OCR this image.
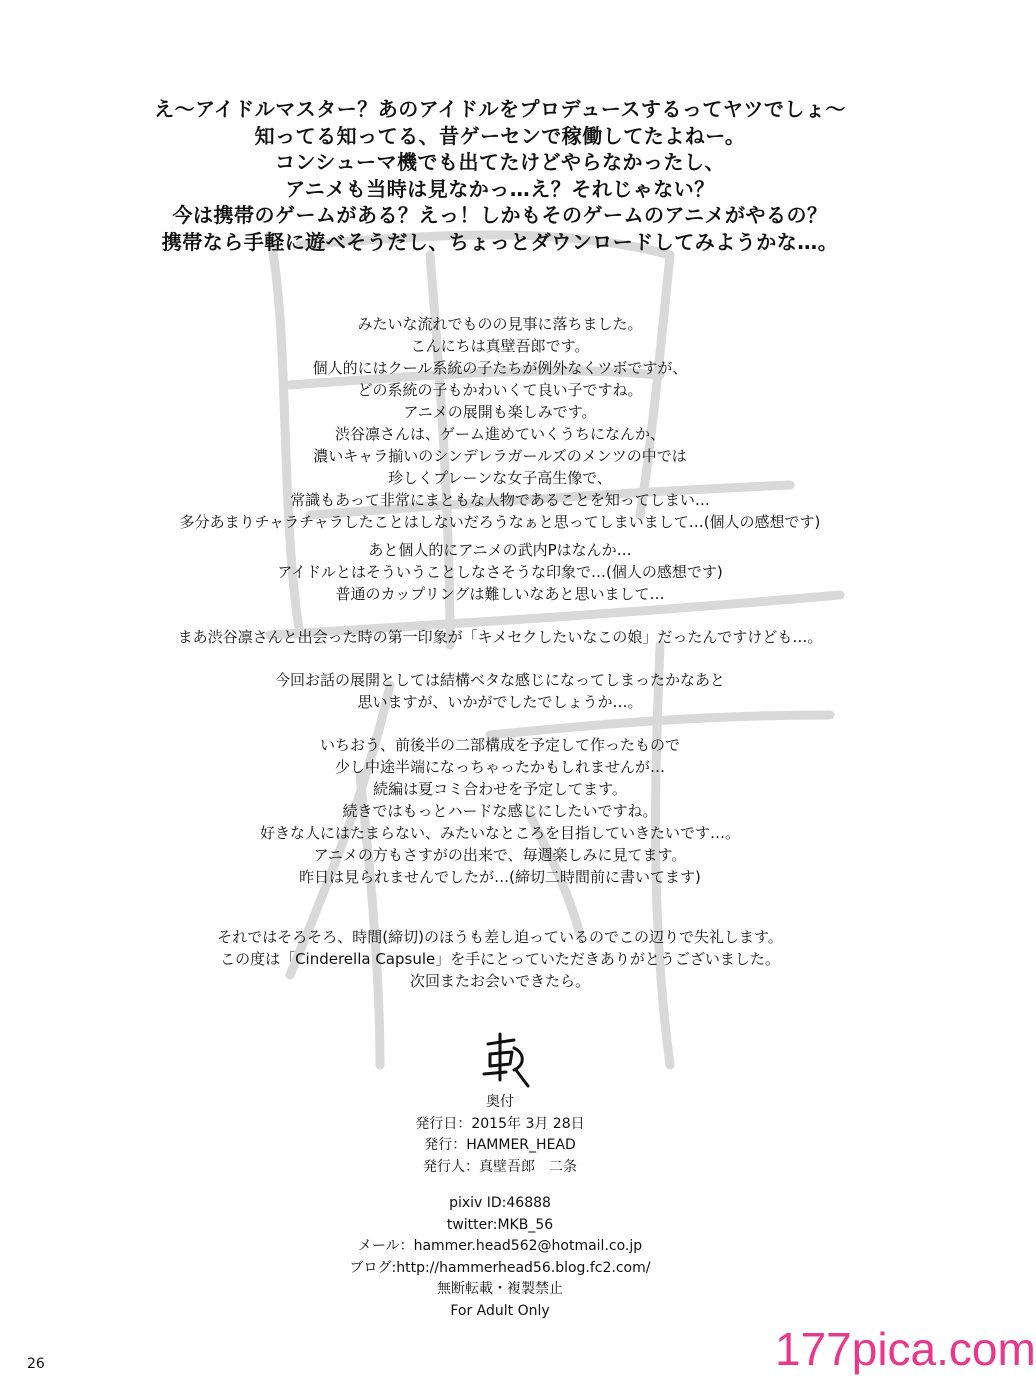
え～アイドルマスター？あのアイドルをプロデュースするってヤツでしょ～
知ってる知ってる、昔ゲーセンで稼働してたよねー。
コンシューマ機でも出てたけどやらなかったし、
アニメも当時は見なかっ…え？それじゃない？
今は携帯のゲームがある？えっ！しかもそのゲームのアニメがやるの？
携帯なら手軽に遊べそうだし、ちょっとダウンロードしてみようかな…。
みたいな流れでものの見事に落ちました。
こんにちは真壁吾郎です。
個人的にはクール系統の子たちが例外なくツボですが、
どの系統の子もかわいくて良い子ですね。
アニメの展開も楽しみです。
渋谷凛さんは、ゲーム進めていくうちになんか、
濃いキャラ揃いのシンデレラガールズのメンツの中では
珍しくプレーンな女子高生像で、
常識もあって非常にまともな人物であることを知ってしまい…
多分あまりチャラチャラしたことはしないだろうなぁと思ってしまいまして…(個人の感想です)
あと個人的にアニメの武内Pはなんか…
アイドルとはそういうことしなさそうな印象で…(個人の感想です)
普通のカップリングは難しいなあと思いまして…
まあ渋谷凛さんと出会った時の第一印象が「キメセクしたいなこの娘」だったんですけども…。
今回お話の展開としては結構ベタな感じになってしまったかなあと
思いますが、いかがでしたでしょうか…。
いちおう、前後半の二部構成を予定して作ったもので
少し中途半端になっちゃったかもしれませんが…
続編は夏コミ合わせを予定してます。
続きではもっとハードな感じにしたいですね。
好きな人にはたまらない、みたいなところを目指していきたいです…。
アニメの方もさすがの出来で、毎週楽しみに見てます。
昨日は見られませんでしたが…(締切二時間前に書いてます)
それではそろそろ、時間(締切)のほうも差し迫っているのでこの辺りで失礼します。
この度は「Cinderella Capsule」を手にとっていただきありがとうございました。
次回またお会いできたら。
奥付
発行日：2015年 3月 28日
発行：HAMMER_HEAD
発行人：真壁吾郎　二条
pixiv ID:46888
twitter:MKB_56
メール：hammer.head562@hotmail.co.jp
ブログ:http://hammerhead56.blog.fc2.com/
無断転載・複製禁止
For Adult Only
26	177pica.com
